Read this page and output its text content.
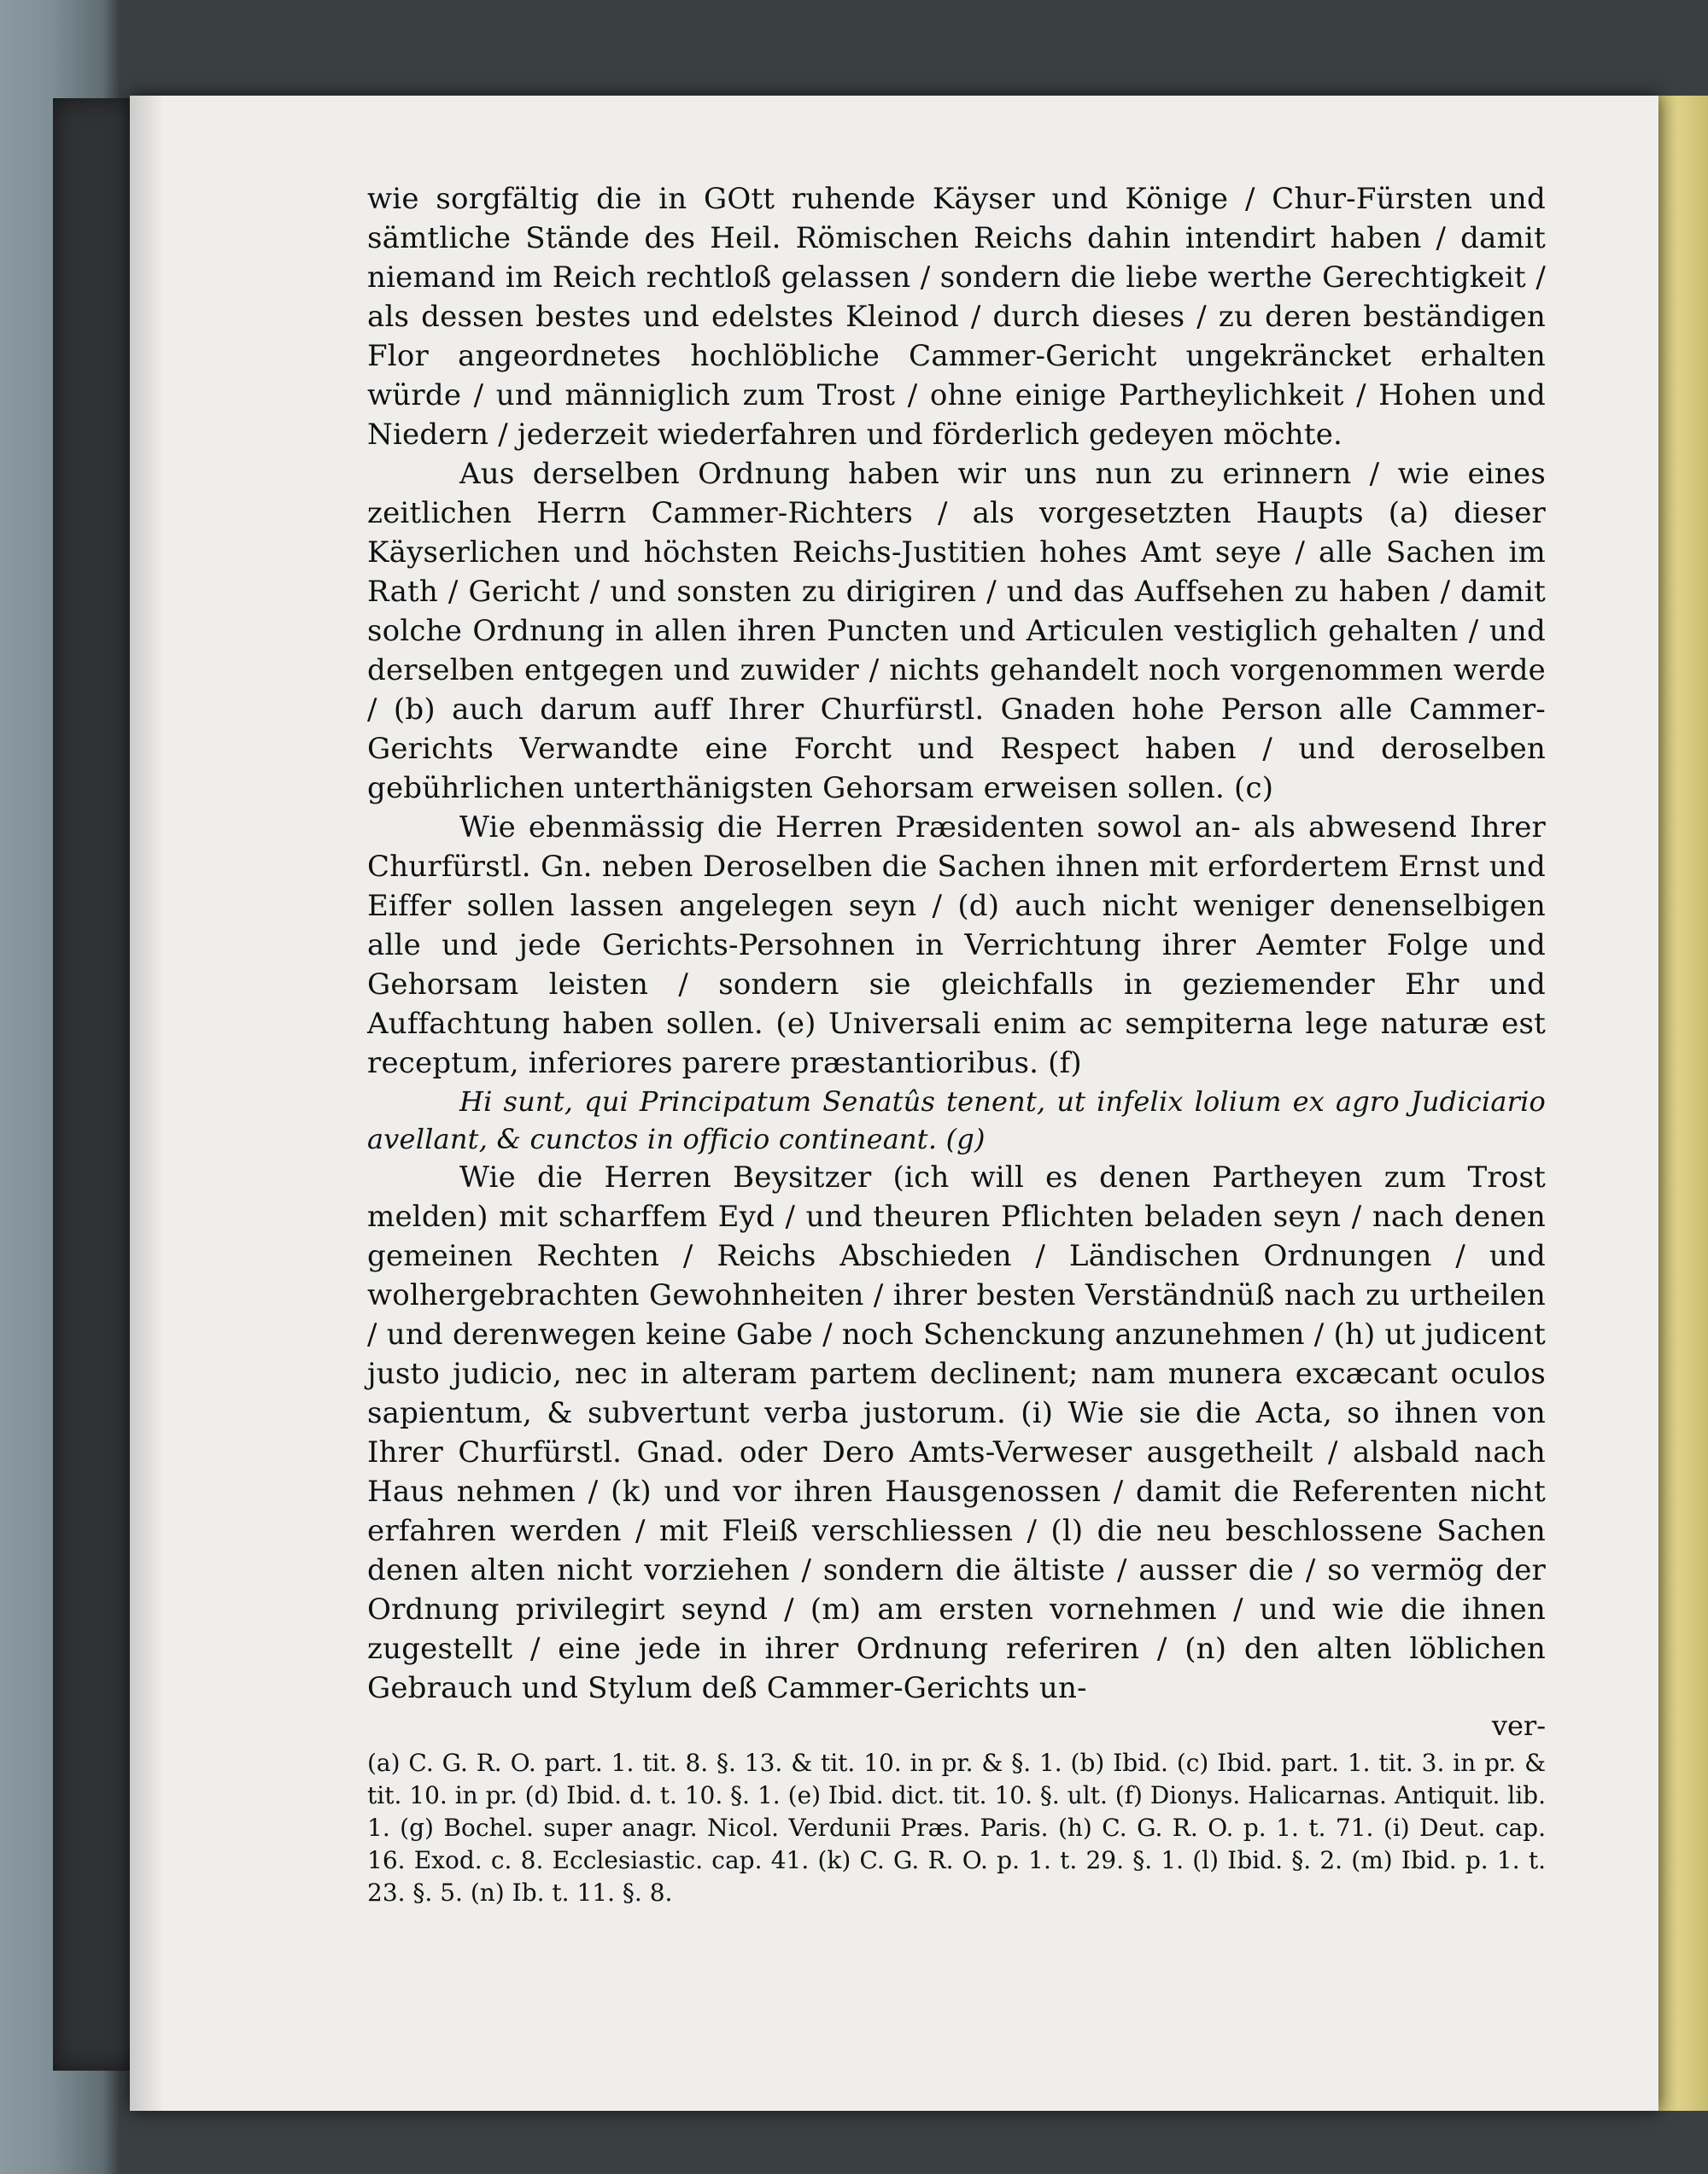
wie sorgfältig die in GOtt ruhende Käyser und Könige / Chur-Fürsten und sämtliche Stände des Heil. Römischen Reichs dahin intendirt haben / damit niemand im Reich rechtloß gelassen / sondern die liebe werthe Gerechtigkeit / als dessen bestes und edelstes Kleinod / durch dieses / zu deren beständigen Flor angeordnetes hochlöbliche Cammer-Gericht ungekräncket erhalten würde / und männiglich zum Trost / ohne einige Partheylichkeit / Hohen und Niedern / jederzeit wiederfahren und förderlich gedeyen möchte.

Aus derselben Ordnung haben wir uns nun zu erinnern / wie eines zeitlichen Herrn Cammer-Richters / als vorgesetzten Haupts (a) dieser Käyserlichen und höchsten Reichs-Justitien hohes Amt seye / alle Sachen im Rath / Gericht / und sonsten zu dirigiren / und das Auffsehen zu haben / damit solche Ordnung in allen ihren Puncten und Articulen vestiglich gehalten / und derselben entgegen und zuwider / nichts gehandelt noch vorgenommen werde / (b) auch darum auff Ihrer Churfürstl. Gnaden hohe Person alle Cammer-Gerichts Verwandte eine Forcht und Respect haben / und deroselben gebührlichen unterthänigsten Gehorsam erweisen sollen. (c)

Wie ebenmässig die Herren Præsidenten sowol an- als abwesend Ihrer Churfürstl. Gn. neben Deroselben die Sachen ihnen mit erfordertem Ernst und Eiffer sollen lassen angelegen seyn / (d) auch nicht weniger denenselbigen alle und jede Gerichts-Persohnen in Verrichtung ihrer Aemter Folge und Gehorsam leisten / sondern sie gleichfalls in geziemender Ehr und Auffachtung haben sollen. (e) Universali enim ac sempiterna lege naturæ est receptum, inferiores parere præstantioribus. (f)

Hi sunt, qui Principatum Senatûs tenent, ut infelix lolium ex agro Judiciario avellant, & cunctos in officio contineant. (g)

Wie die Herren Beysitzer (ich will es denen Partheyen zum Trost melden) mit scharffem Eyd / und theuren Pflichten beladen seyn / nach denen gemeinen Rechten / Reichs Abschieden / Ländischen Ordnungen / und wolhergebrachten Gewohnheiten / ihrer besten Verständnüß nach zu urtheilen / und derenwegen keine Gabe / noch Schenckung anzunehmen / (h) ut judicent justo judicio, nec in alteram partem declinent; nam munera excæcant oculos sapientum, & subvertunt verba justorum. (i) Wie sie die Acta, so ihnen von Ihrer Churfürstl. Gnad. oder Dero Amts-Verweser ausgetheilt / alsbald nach Haus nehmen / (k) und vor ihren Hausgenossen / damit die Referenten nicht erfahren werden / mit Fleiß verschliessen / (l) die neu beschlossene Sachen denen alten nicht vorziehen / sondern die ältiste / ausser die / so vermög der Ordnung privilegirt seynd / (m) am ersten vornehmen / und wie die ihnen zugestellt / eine jede in ihrer Ordnung referiren / (n) den alten löblichen Gebrauch und Stylum deß Cammer-Gerichts un-

ver-
(a) C. G. R. O. part. 1. tit. 8. §. 13. & tit. 10. in pr. & §. 1. (b) Ibid. (c) Ibid. part. 1. tit. 3. in pr. & tit. 10. in pr. (d) Ibid. d. t. 10. §. 1. (e) Ibid. dict. tit. 10. §. ult. (f) Dionys. Halicarnas. Antiquit. lib. 1. (g) Bochel. super anagr. Nicol. Verdunii Præs. Paris. (h) C. G. R. O. p. 1. t. 71. (i) Deut. cap. 16. Exod. c. 8. Ecclesiastic. cap. 41. (k) C. G. R. O. p. 1. t. 29. §. 1. (l) Ibid. §. 2. (m) Ibid. p. 1. t. 23. §. 5. (n) Ib. t. 11. §. 8.
